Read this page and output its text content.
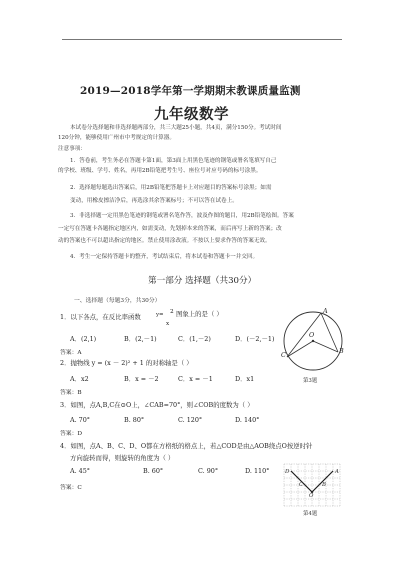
2019—2018学年第一学期期末教课质量监测
九年级数学
本试卷分选择题和非选择题两部分，共三大题25小题，共4页，满分150分。考试时间
120分钟，能够使用广州市中考规定的计算器。
注意事项：
1．答卷前，考生务必在答题卡第1面，第3面上用黑色笔迹的钢笔或署名笔填写自己
的学校、班级、学号、姓名，再用2B铅笔把考生号、座位号对应号码的标号涂黑。
2．选择题每题选出答案后，用2B铅笔把答题卡上对应题目的答案标号涂黑；如需
变动，用橡皮擦洁净后，再选涂其余答案标号；不可以答在试卷上。
3．非选择题一定用黑色笔迹的钢笔或署名笔作答，波及作图的题目，用2B铅笔绘图。答案
一定写在答题卡各题指定地区内，如需变动，先划掉本来的答案，而后再写上新的答案；改
动的答案也不可以超出指定的地区。禁止使用涂改液。不按以上要求作答的答案无效。
4．考生一定保持答题卡的整齐，考试结束后，将本试卷和答题卡一并交回。
第一部分 选择题（共30分）
一、选择题（每题3分，共30分）
1．以下各点，在反比率函数	y= 2
x
图象上的是（ ）
A．(2,1)	B．(2,－1)	C．(1,－2)	D．(－2,－1)
答案：A
2．抛物线 y = (x － 2)² + 1 的对称轴是（ ）
A．x2	B．x = －2	C．x = －1	D．x1
答案：B
A
C	B
O
第3题
3．如图，点A,B,C在⊙O上，∠CAB=70°，则∠COB的度数为（ ）
A. 70°	B. 80°	C. 120°	D. 140°
答案：D
4．如图，点A、B、C、D、O都在方格纸的格点上，若△COD是由△AOB绕点O按逆时针
方向旋转而得，则旋转的角度为（ ）
A. 45°	B. 60°	C. 90°	D. 110°
答案：C
D	A
C	B
O
第4题
